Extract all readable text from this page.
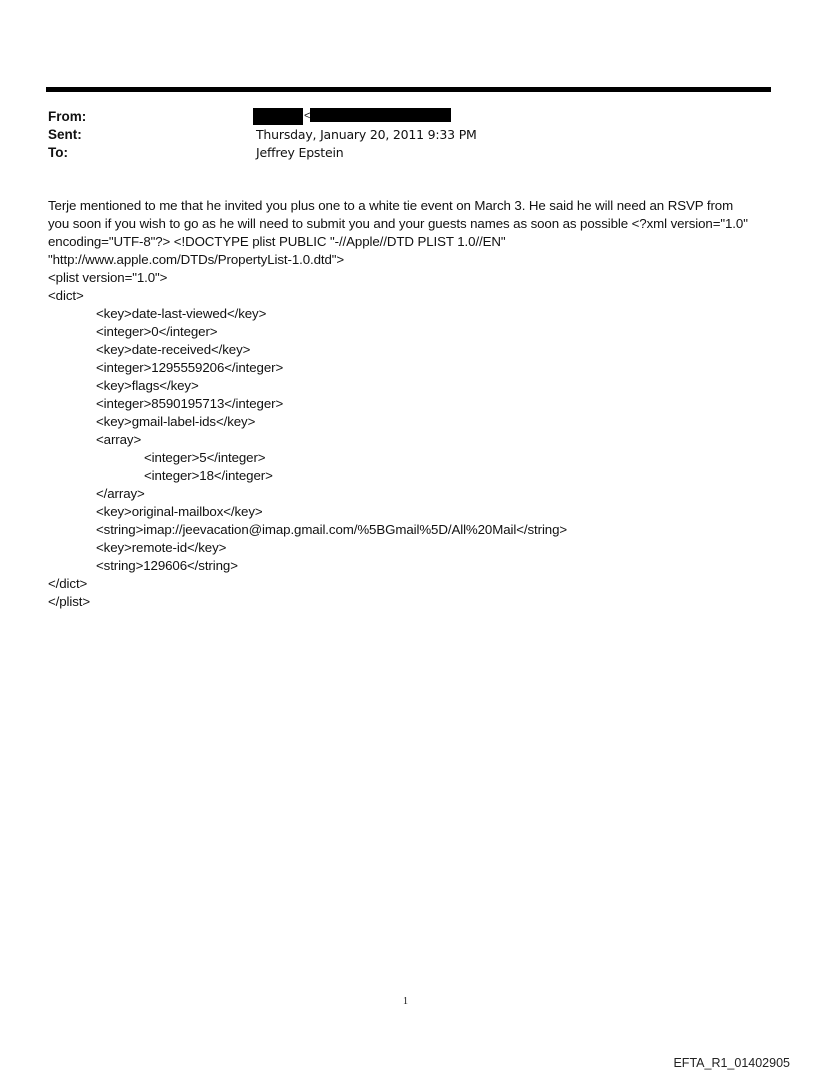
From:	<
Sent:	Thursday, January 20, 2011 9:33 PM
To:	Jeffrey Epstein
Terje mentioned to me that he invited you plus one to a white tie event on March 3. He said he will need an RSVP from
you soon if you wish to go as he will need to submit you and your guests names as soon as possible <?xml version="1.0"
encoding="UTF-8"?> <!DOCTYPE plist PUBLIC "-//Apple//DTD PLIST 1.0//EN"
"http://www.apple.com/DTDs/PropertyList-1.0.dtd">
<plist version="1.0">
<dict>
<key>date-last-viewed</key>
<integer>0</integer>
<key>date-received</key>
<integer>1295559206</integer>
<key>flags</key>
<integer>8590195713</integer>
<key>gmail-label-ids</key>
<array>
<integer>5</integer>
<integer>18</integer>
</array>
<key>original-mailbox</key>
<string>imap://jeevacation@imap.gmail.com/%5BGmail%5D/All%20Mail</string>
<key>remote-id</key>
<string>129606</string>
</dict>
</plist>
1
EFTA_R1_01402905
